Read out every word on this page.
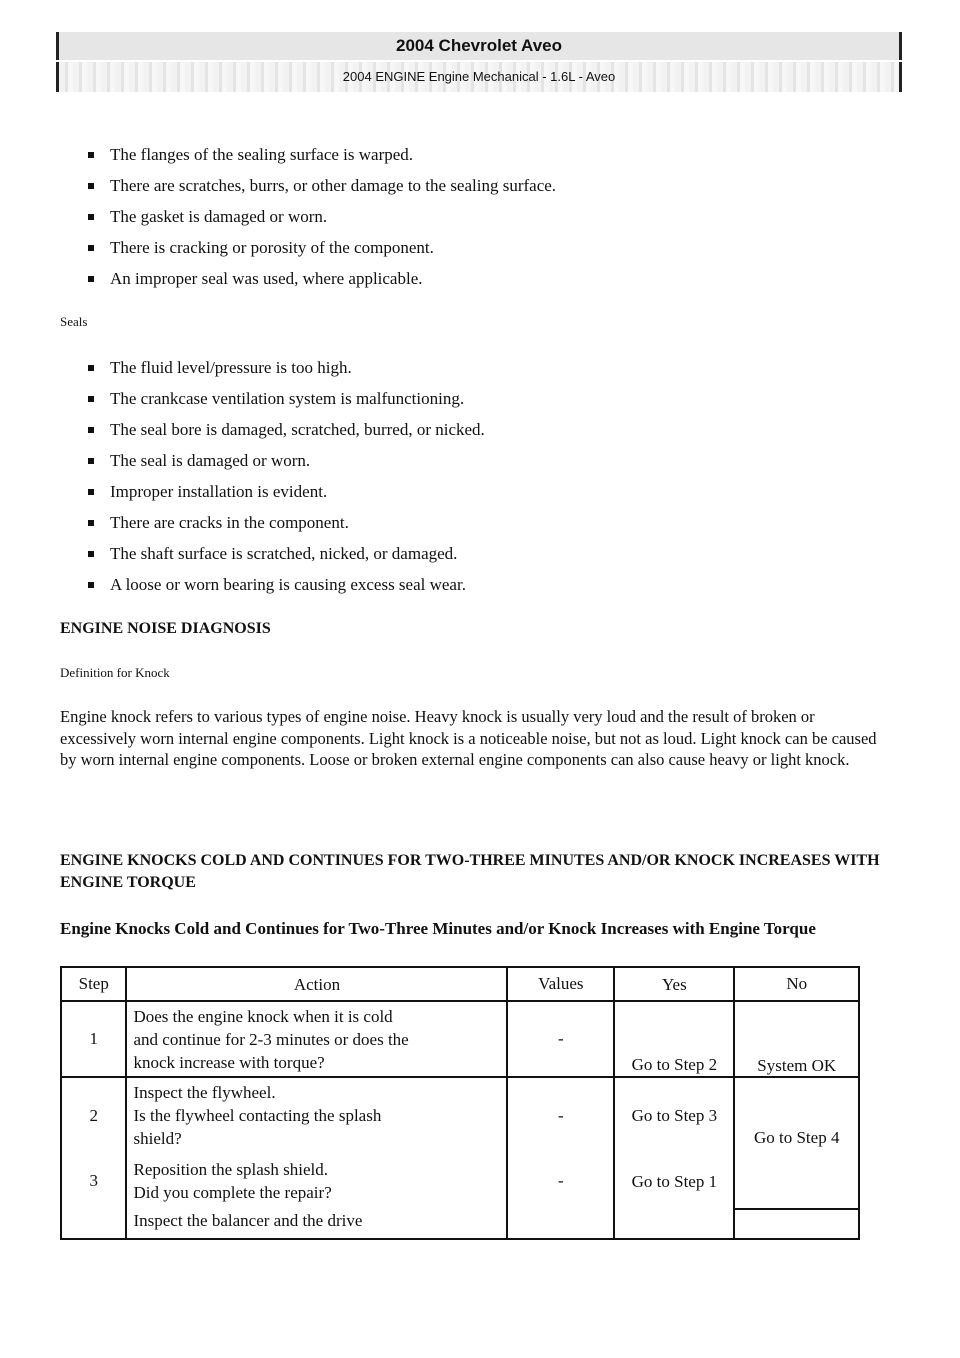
2004 Chevrolet Aveo
2004 ENGINE Engine Mechanical - 1.6L - Aveo
The flanges of the sealing surface is warped.
There are scratches, burrs, or other damage to the sealing surface.
The gasket is damaged or worn.
There is cracking or porosity of the component.
An improper seal was used, where applicable.
Seals
The fluid level/pressure is too high.
The crankcase ventilation system is malfunctioning.
The seal bore is damaged, scratched, burred, or nicked.
The seal is damaged or worn.
Improper installation is evident.
There are cracks in the component.
The shaft surface is scratched, nicked, or damaged.
A loose or worn bearing is causing excess seal wear.
ENGINE NOISE DIAGNOSIS
Definition for Knock

Engine knock refers to various types of engine noise. Heavy knock is usually very loud and the result of broken or excessively worn internal engine components. Light knock is a noticeable noise, but not as loud. Light knock can be caused by worn internal engine components. Loose or broken external engine components can also cause heavy or light knock.

ENGINE KNOCKS COLD AND CONTINUES FOR TWO-THREE MINUTES AND/OR KNOCK INCREASES WITH ENGINE TORQUE
Engine Knocks Cold and Continues for Two-Three Minutes and/or Knock Increases with Engine Torque
Step	Action	Values	Yes	No
1	Does the engine knock when it is cold
and continue for 2-3 minutes or does the
knock increase with torque?	-	Go to Step 2	System OK
2	Inspect the flywheel.
Is the flywheel contacting the splash
shield?	-	Go to Step 3	Go to Step 4
3	Reposition the splash shield.
Did you complete the repair?	-	Go to Step 1	

	Inspect the balancer and the drive			
